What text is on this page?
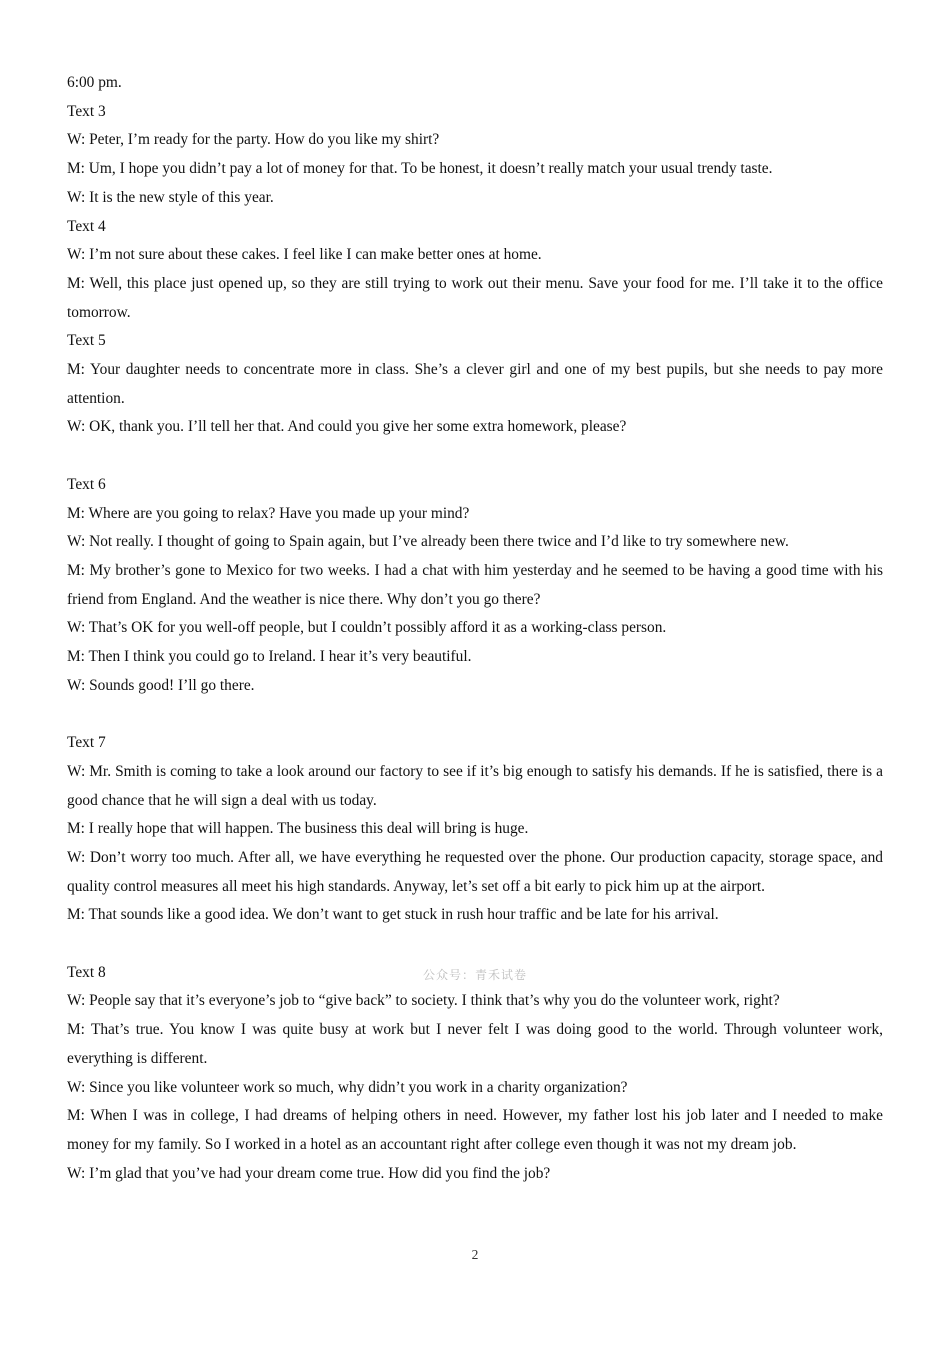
6:00 pm.
Text 3
W: Peter, I’m ready for the party. How do you like my shirt?
M: Um, I hope you didn’t pay a lot of money for that. To be honest, it doesn’t really match your usual trendy taste.
W: It is the new style of this year.
Text 4
W: I’m not sure about these cakes. I feel like I can make better ones at home.
M: Well, this place just opened up, so they are still trying to work out their menu. Save your food for me. I’ll take it to the office tomorrow.
Text 5
M: Your daughter needs to concentrate more in class. She’s a clever girl and one of my best pupils, but she needs to pay more attention.
W: OK, thank you. I’ll tell her that. And could you give her some extra homework, please?
Text 6
M: Where are you going to relax? Have you made up your mind?
W: Not really. I thought of going to Spain again, but I’ve already been there twice and I’d like to try somewhere new.
M: My brother’s gone to Mexico for two weeks. I had a chat with him yesterday and he seemed to be having a good time with his friend from England. And the weather is nice there. Why don’t you go there?
W: That’s OK for you well-off people, but I couldn’t possibly afford it as a working-class person.
M: Then I think you could go to Ireland. I hear it’s very beautiful.
W: Sounds good! I’ll go there.
Text 7
W: Mr. Smith is coming to take a look around our factory to see if it’s big enough to satisfy his demands. If he is satisfied, there is a good chance that he will sign a deal with us today.
M: I really hope that will happen. The business this deal will bring is huge.
W: Don’t worry too much. After all, we have everything he requested over the phone. Our production capacity, storage space, and quality control measures all meet his high standards. Anyway, let’s set off a bit early to pick him up at the airport.
M: That sounds like a good idea. We don’t want to get stuck in rush hour traffic and be late for his arrival.
Text 8
W: People say that it’s everyone’s job to “give back” to society. I think that’s why you do the volunteer work, right?
M: That’s true. You know I was quite busy at work but I never felt I was doing good to the world. Through volunteer work, everything is different.
W: Since you like volunteer work so much, why didn’t you work in a charity organization?
M: When I was in college, I had dreams of helping others in need. However, my father lost his job later and I needed to make money for my family. So I worked in a hotel as an accountant right after college even though it was not my dream job.
W: I’m glad that you’ve had your dream come true. How did you find the job?
公众号：青禾试卷
2
